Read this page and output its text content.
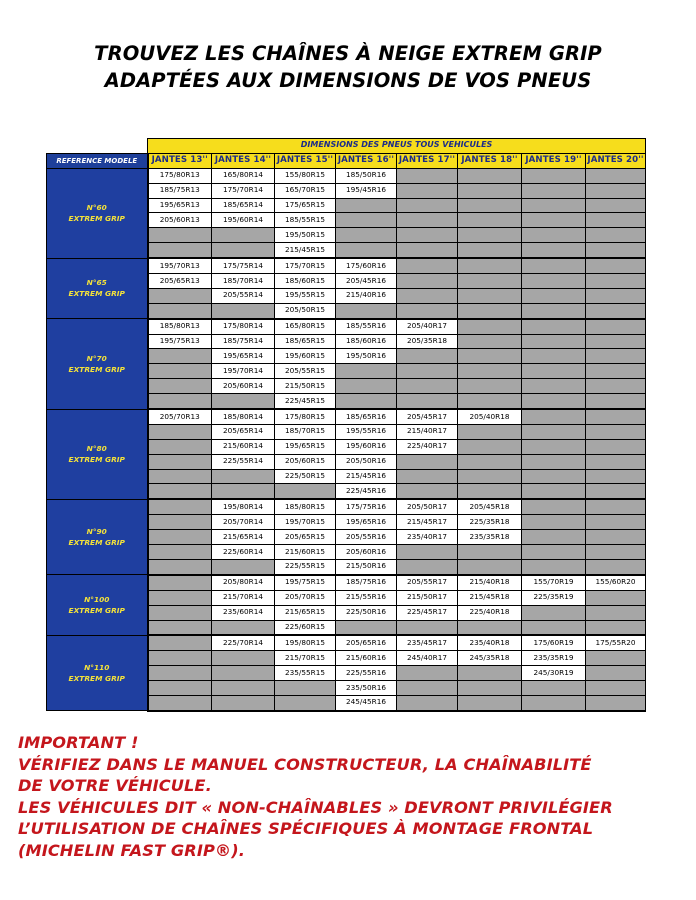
TROUVEZ LES CHAÎNES À NEIGE EXTREM GRIP
ADAPTÉES AUX DIMENSIONS DE VOS PNEUS
	DIMENSIONS DES PNEUS TOUS VEHICULES							
REFERENCE MODELE	JANTES 13''	JANTES 14''	JANTES 15''	JANTES 16''	JANTES 17''	JANTES 18''	JANTES 19''	JANTES 20''

N°60
EXTREM GRIP	175/80R13	165/80R14	155/80R15	185/50R16				
	185/75R13	175/70R14	165/70R15	195/45R16				
	195/65R13	185/65R14	175/65R15					
	205/60R13	195/60R14	185/55R15					
			195/50R15					
			215/45R15					

N°65
EXTREM GRIP	195/70R13	175/75R14	175/70R15	175/60R16				
	205/65R13	185/70R14	185/60R15	205/45R16				
		205/55R14	195/55R15	215/40R16				
			205/50R15					

N°70
EXTREM GRIP	185/80R13	175/80R14	165/80R15	185/55R16	205/40R17			
	195/75R13	185/75R14	185/65R15	185/60R16	205/35R18			
		195/65R14	195/60R15	195/50R16				
		195/70R14	205/55R15					
		205/60R14	215/50R15					
			225/45R15					

N°80
EXTREM GRIP	205/70R13	185/80R14	175/80R15	185/65R16	205/45R17	205/40R18		
		205/65R14	185/70R15	195/55R16	215/40R17			
		215/60R14	195/65R15	195/60R16	225/40R17			
		225/55R14	205/60R15	205/50R16				
			225/50R15	215/45R16				
				225/45R16				

N°90
EXTREM GRIP		195/80R14	185/80R15	175/75R16	205/50R17	205/45R18		
		205/70R14	195/70R15	195/65R16	215/45R17	225/35R18		
		215/65R14	205/65R15	205/55R16	235/40R17	235/35R18		
		225/60R14	215/60R15	205/60R16				
			225/55R15	215/50R16				

N°100
EXTREM GRIP		205/80R14	195/75R15	185/75R16	205/55R17	215/40R18	155/70R19	155/60R20
		215/70R14	205/70R15	215/55R16	215/50R17	215/45R18	225/35R19	
		235/60R14	215/65R15	225/50R16	225/45R17	225/40R18		
			225/60R15					

N°110
EXTREM GRIP		225/70R14	195/80R15	205/65R16	235/45R17	235/40R18	175/60R19	175/55R20
			215/70R15	215/60R16	245/40R17	245/35R18	235/35R19	
			235/55R15	225/55R16			245/30R19	
				235/50R16				
				245/45R16				
IMPORTANT !
VÉRIFIEZ DANS LE MANUEL CONSTRUCTEUR, LA CHAÎNABILITÉ
DE VOTRE VÉHICULE.
LES VÉHICULES DIT « NON-CHAÎNABLES » DEVRONT PRIVILÉGIER
L’UTILISATION DE CHAÎNES SPÉCIFIQUES À MONTAGE FRONTAL
(MICHELIN FAST GRIP®).
